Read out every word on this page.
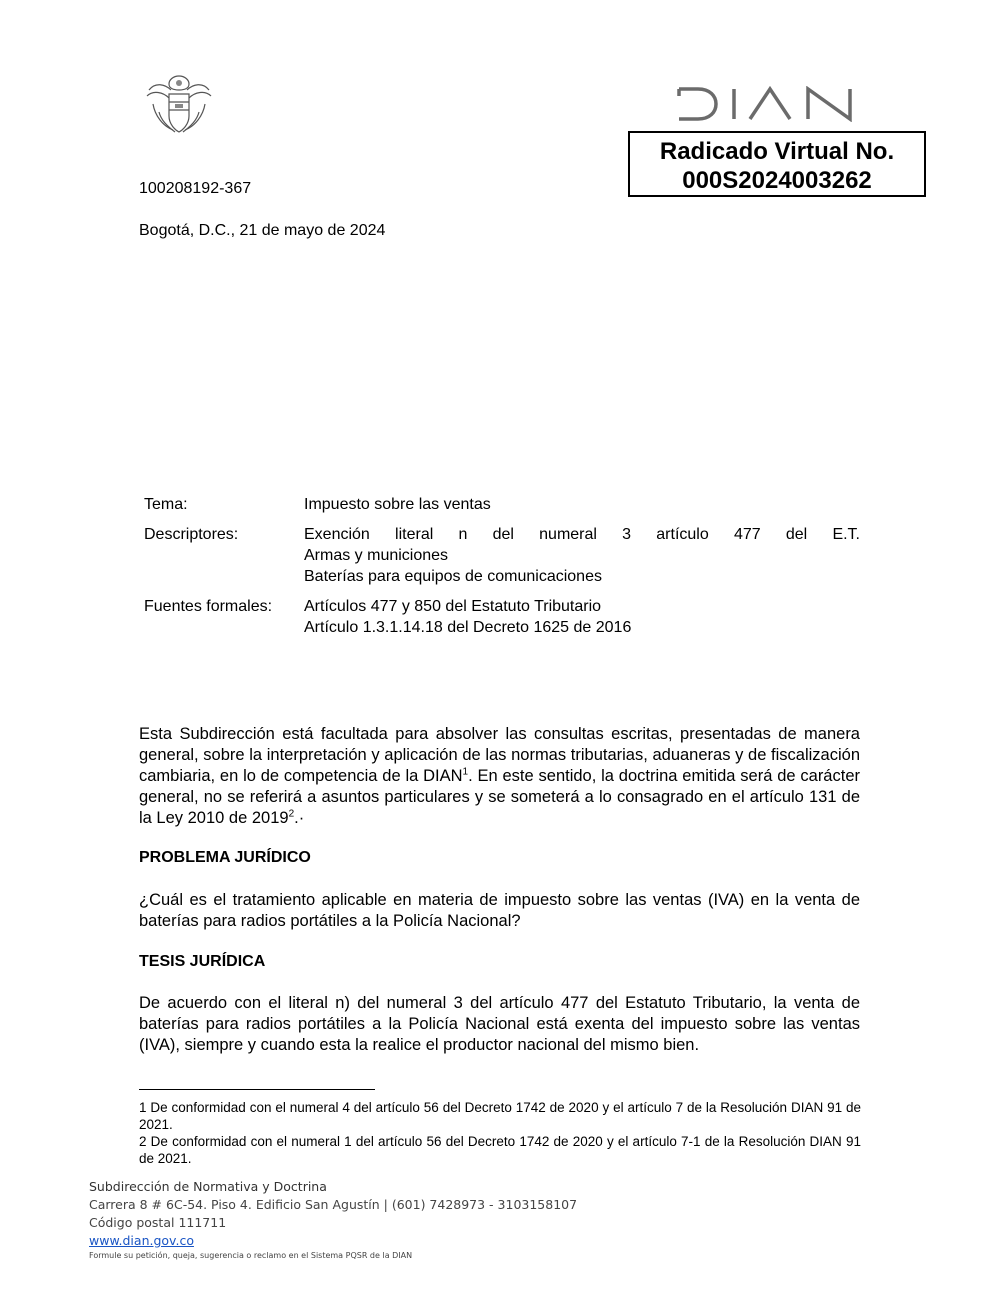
Radicado Virtual No.
000S2024003262
100208192-367
Bogotá, D.C., 21 de mayo de 2024
Tema:	Impuesto sobre las ventas
Descriptores:	Exención literal n del numeral 3 artículo 477 del E.T.
Armas y municiones
Baterías para equipos de comunicaciones
Fuentes formales:	Artículos 477 y 850 del Estatuto Tributario
Artículo 1.3.1.14.18 del Decreto 1625 de 2016
Esta Subdirección está facultada para absolver las consultas escritas, presentadas de manera general, sobre la interpretación y aplicación de las normas tributarias, aduaneras y de fiscalización cambiaria, en lo de competencia de la DIAN$^1$. En este sentido, la doctrina emitida será de carácter general, no se referirá a asuntos particulares y se someterá a lo consagrado en el artículo 131 de la Ley 2010 de $2019^2.\cdot$
PROBLEMA JURÍDICO
¿Cuál es el tratamiento aplicable en materia de impuesto sobre las ventas (IVA) en la venta de baterías para radios portátiles a la Policía Nacional?
TESIS JURÍDICA
De acuerdo con el literal n) del numeral 3 del artículo 477 del Estatuto Tributario, la venta de baterías para radios portátiles a la Policía Nacional está exenta del impuesto sobre las ventas (IVA), siempre y cuando esta la realice el productor nacional del mismo bien.
1 De conformidad con el numeral 4 del artículo 56 del Decreto 1742 de 2020 y el artículo 7 de la Resolución DIAN 91 de 2021.
2 De conformidad con el numeral 1 del artículo 56 del Decreto 1742 de 2020 y el artículo 7-1 de la Resolución DIAN 91 de 2021.
Subdirección de Normativa y Doctrina
Carrera 8 # 6C-54. Piso 4. Edificio San Agustín | (601) 7428973 - 3103158107
Código postal 111711
www.dian.gov.co
Formule su petición, queja, sugerencia o reclamo en el Sistema PQSR de la DIAN
